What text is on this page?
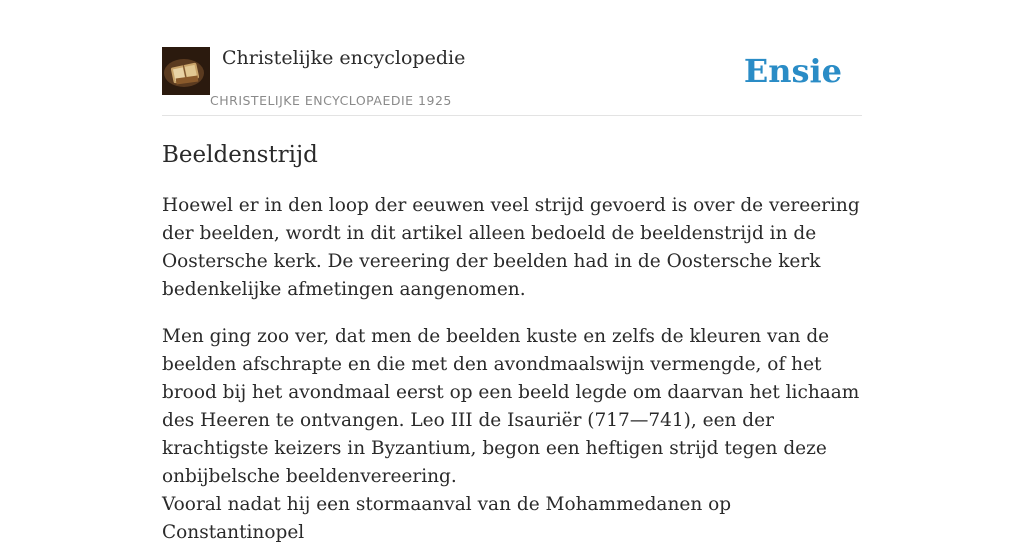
Christelijke encyclopedie
CHRISTELIJKE ENCYCLOPAEDIE 1925
Ensie
Beeldenstrijd

Hoewel er in den loop der eeuwen veel strijd gevoerd is over de vereering der beelden, wordt in dit artikel alleen bedoeld de beeldenstrijd in de Oostersche kerk. De vereering der beelden had in de Oostersche kerk bedenkelijke afmetingen aangenomen.

Men ging zoo ver, dat men de beelden kuste en zelfs de kleuren van de beelden afschrapte en die met den avondmaalswijn vermengde, of het brood bij het avondmaal eerst op een beeld legde om daarvan het lichaam des Heeren te ontvangen. Leo III de Isauriër (717—741), een der krachtigste keizers in Byzantium, begon een heftigen strijd tegen deze onbijbelsche beeldenvereering.

Vooral nadat hij een stormaanval van de Mohammedanen op Constantinopel
